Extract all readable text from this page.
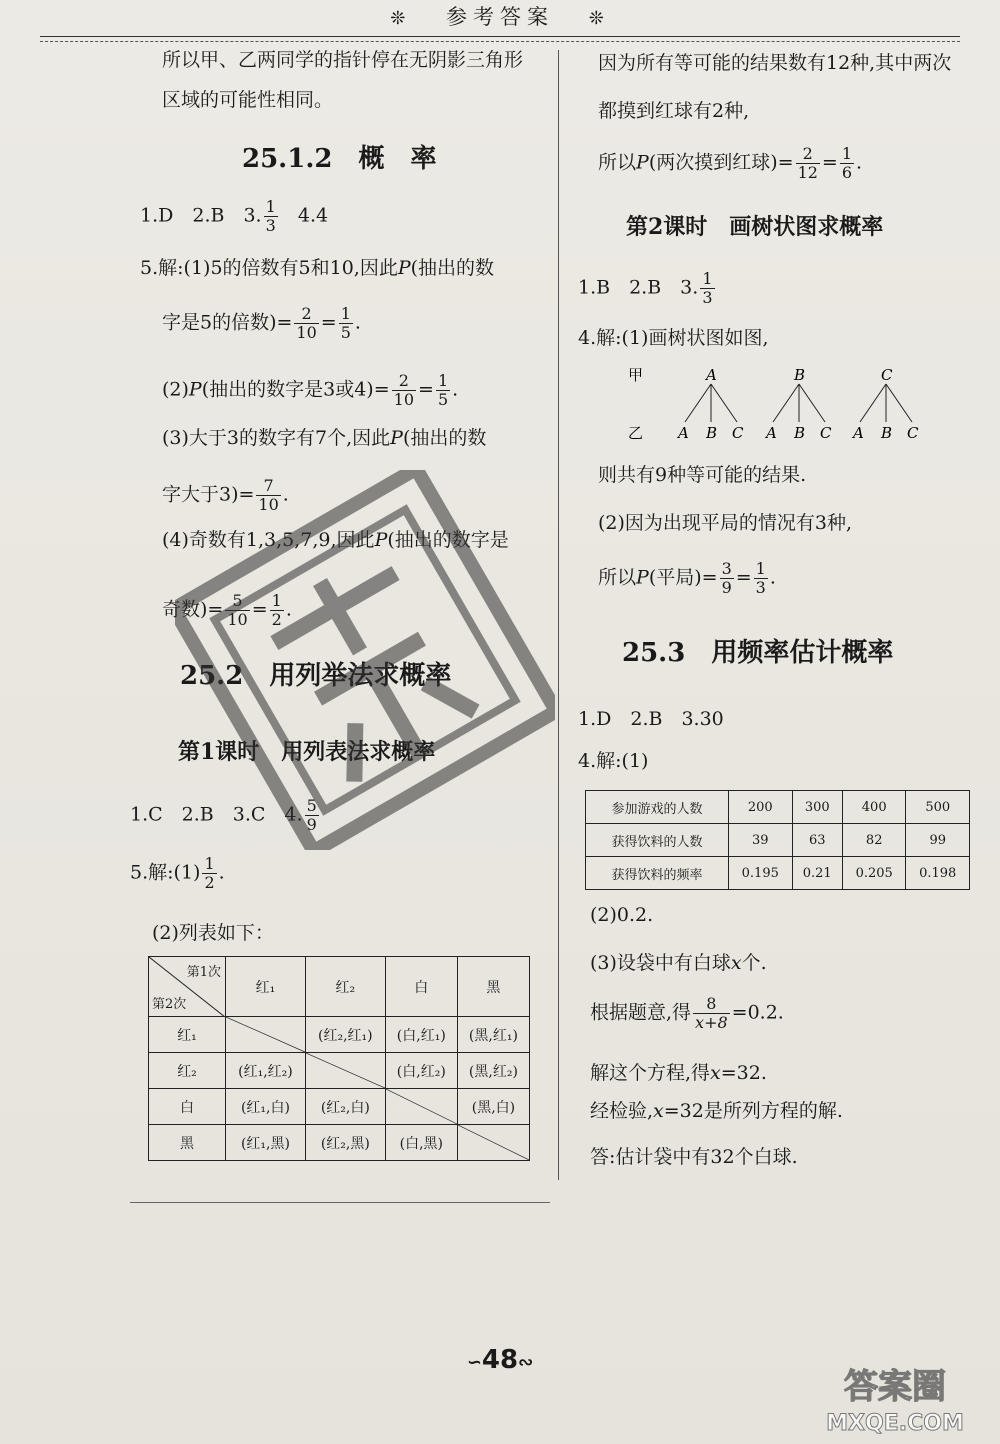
❊ 参考答案 ❊
所以甲、乙两同学的指针停在无阴影三角形
区域的可能性相同。
25.1.2　概　率
1.D　2.B　3. $\frac{1}{3} 4.4$
5.解:(1)5的倍数有5和10,因此P(抽出的数
字是5的倍数)= $\frac{2}{10} = \frac{1}{5}$ .
(2)P(抽出的数字是3或$4)= \frac{2}{10} = \frac{1}{5}$ .
(3)大于3的数字有7个,因此P(抽出的数
字大于$3)= \frac{7}{10}$ .
(4)奇数有1,3,5,7,9,因此P(抽出的数字是
奇数)= $\frac{5}{10} = \frac{1}{2}$ .
25.2　用列举法求概率
第1课时　用列表法求概率
1.C　2.B　3.C　4. $\frac{5}{9}$
5.解:(1) $\frac{1}{2}$ .
(2)列表如下：
第1次
第2次	红₁	红₂	白	黑
红₁		(红₂,红₁)	(白,红₁)	(黑,红₁)
红₂	(红₁,红₂)		(白,红₂)	(黑,红₂)
白	(红₁,白)	(红₂,白)		(黑,白)
黑	(红₁,黑)	(红₂,黑)	(白,黑)	
因为所有等可能的结果数有12种,其中两次
都摸到红球有2种,
所以P(两次摸到红球)= $\frac{2}{12} = \frac{1}{6}$ .
第2课时　画树状图求概率
1.B　2.B　3. $\frac{1}{3}$
4.解:(1)画树状图如图,
甲
乙
A
A B C
B
A B C
C
A B C
则共有9种等可能的结果.
(2)因为出现平局的情况有3种,
所以P(平局)= $\frac{3}{9} = \frac{1}{3}$ .
25.3　用频率估计概率
1.D　2.B　3.30
4.解:(1)
参加游戏的人数	200	300	400	500
获得饮料的人数	39	63	82	99
获得饮料的频率	0.195	0.21	0.205	0.198
(2)0.2.
(3)设袋中有白球x个.
根据题意,得 $\frac{8}{x+8} =0.2$.
解这个方程,得x=32.
经检验,x=32是所列方程的解.
答:估计袋中有32个白球.
∽48∾
答案圈
MXQE.COM
